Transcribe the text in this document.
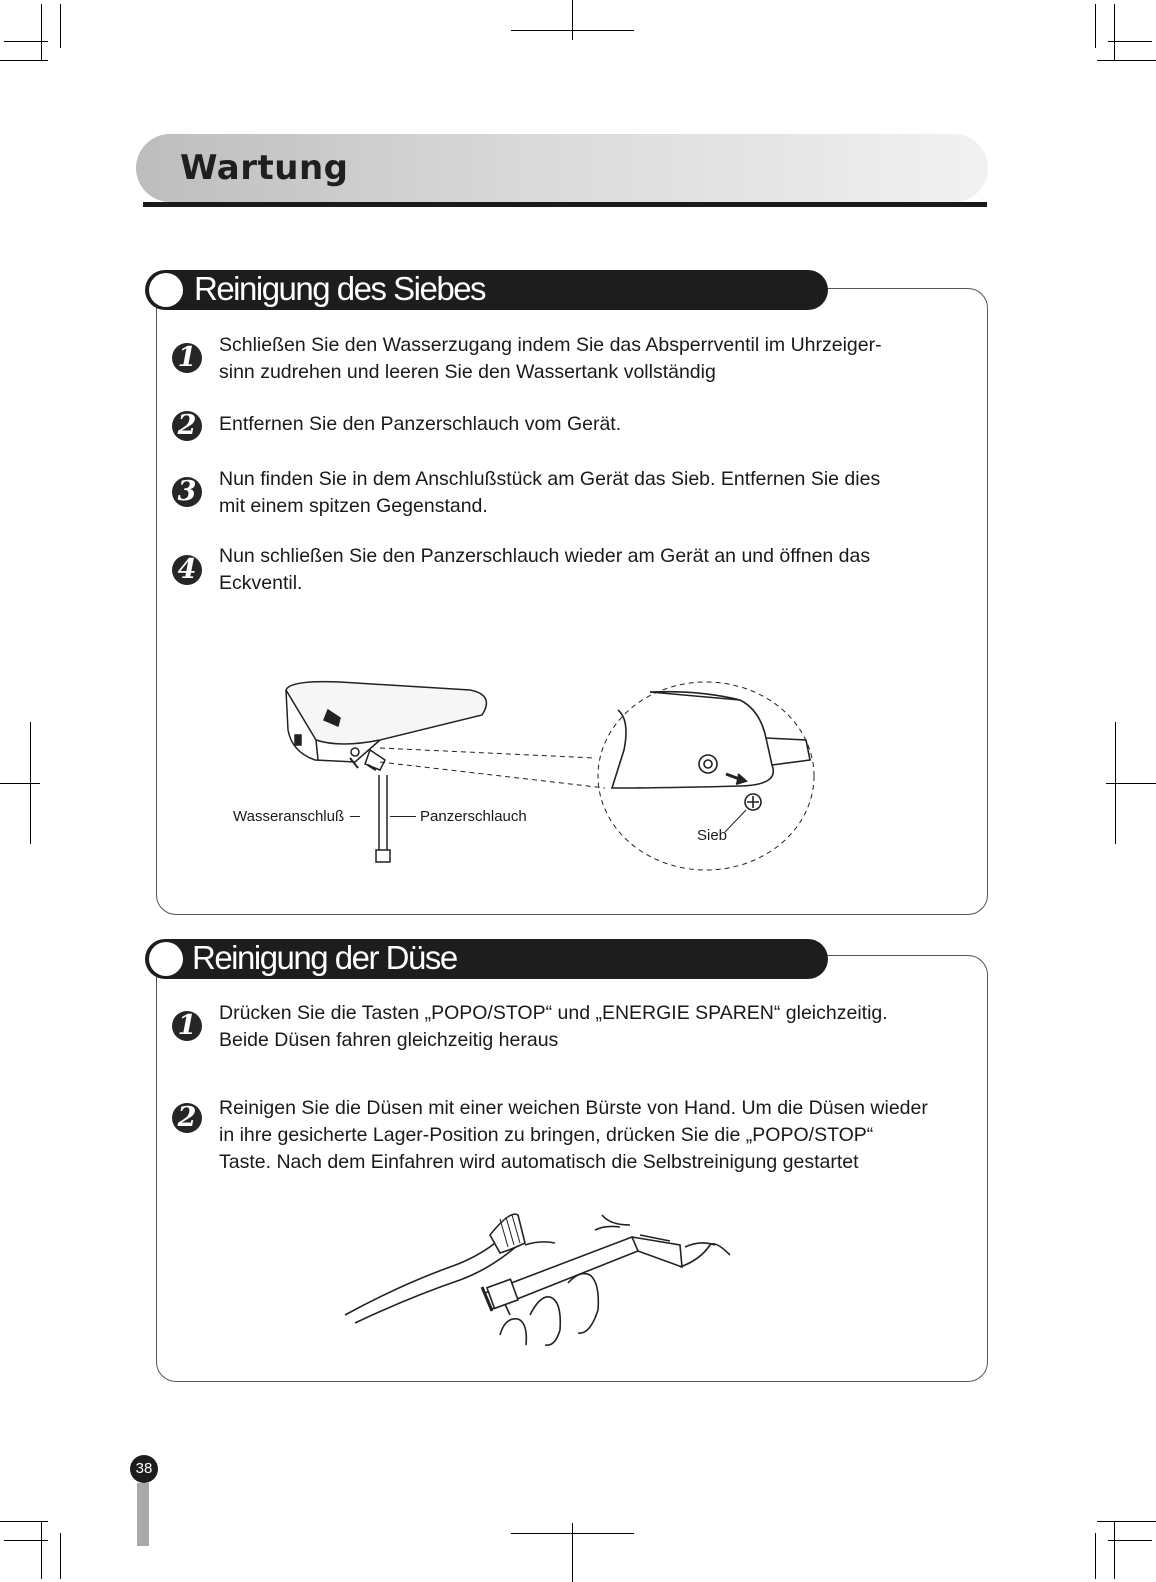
Wartung
Reinigung des Siebes
1 Schließen Sie den Wasserzugang indem Sie das Absperrventil im Uhrzeiger-
sinn zudrehen und leeren Sie den Wassertank vollständig
2 Entfernen Sie den Panzerschlauch vom Gerät.
3 Nun finden Sie in dem Anschlußstück am Gerät das Sieb. Entfernen Sie dies
mit einem spitzen Gegenstand.
4 Nun schließen Sie den Panzerschlauch wieder am Gerät an und öffnen das
Eckventil.
Wasseranschluß	Panzerschlauch
Sieb
Reinigung der Düse
1 Drücken Sie die Tasten „POPO/STOP“ und „ENERGIE SPAREN“ gleichzeitig.
Beide Düsen fahren gleichzeitig heraus
2 Reinigen Sie die Düsen mit einer weichen Bürste von Hand. Um die Düsen wieder
in ihre gesicherte Lager-Position zu bringen, drücken Sie die „POPO/STOP“
Taste. Nach dem Einfahren wird automatisch die Selbstreinigung gestartet
38
